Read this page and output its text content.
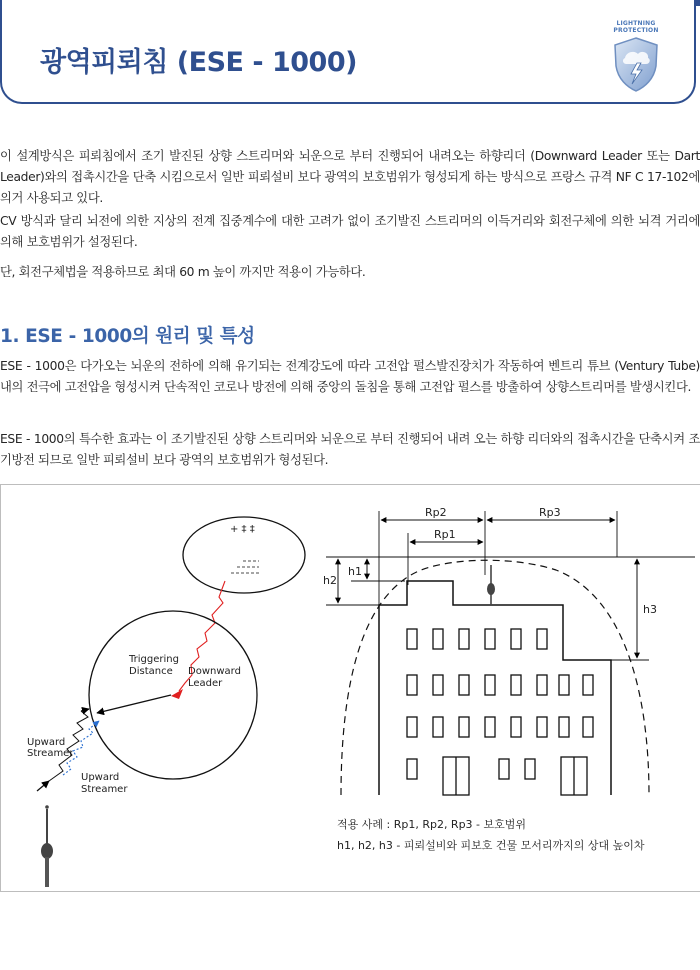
광역피뢰침 (ESE - 1000)
LIGHTNING
PROTECTION

이 설계방식은 피뢰침에서 조기 발진된 상향 스트리머와 뇌운으로 부터 진행되어 내려오는 하향리더 (Downward Leader 또는 Dart Leader)와의 접촉시간을 단축 시킴으로서 일반 피뢰설비 보다 광역의 보호범위가 형성되게 하는 방식으로 프랑스 규격 NF C 17-102에 의거 사용되고 있다.

CV 방식과 달리 뇌전에 의한 지상의 전계 집중계수에 대한 고려가 없이 조기발진 스트리머의 이득거리와 회전구체에 의한 뇌격 거리에 의해 보호범위가 설정된다.

단, 회전구체법을 적용하므로 최대 60 m 높이 까지만 적용이 가능하다.

1. ESE - 1000의 원리 및 특성

ESE - 1000은 다가오는 뇌운의 전하에 의해 유기되는 전계강도에 따라 고전압 펄스발진장치가 작동하여 벤트리 튜브 (Ventury Tube)내의 전극에 고전압을 형성시켜 단속적인 코로나 방전에 의해 중앙의 돌침을 통해 고전압 펄스를 방출하여 상향스트리머를 발생시킨다.

ESE - 1000의 특수한 효과는 이 조기발진된 상향 스트리머와 뇌운으로 부터 진행되어 내려 오는 하향 리더와의 접촉시간을 단축시켜 조기방전 되므로 일반 피뢰설비 보다 광역의 보호범위가 형성된다.

+ ‡ ‡
Triggering
Distance Downward
Leader
Upward
Streamer
Upward
Streamer
Rp2	Rp3
Rp1
h2
h1
h3
적용 사례 : Rp1, Rp2, Rp3 - 보호범위
h1, h2, h3 - 피뢰설비와 피보호 건물 모서리까지의 상대 높이차
